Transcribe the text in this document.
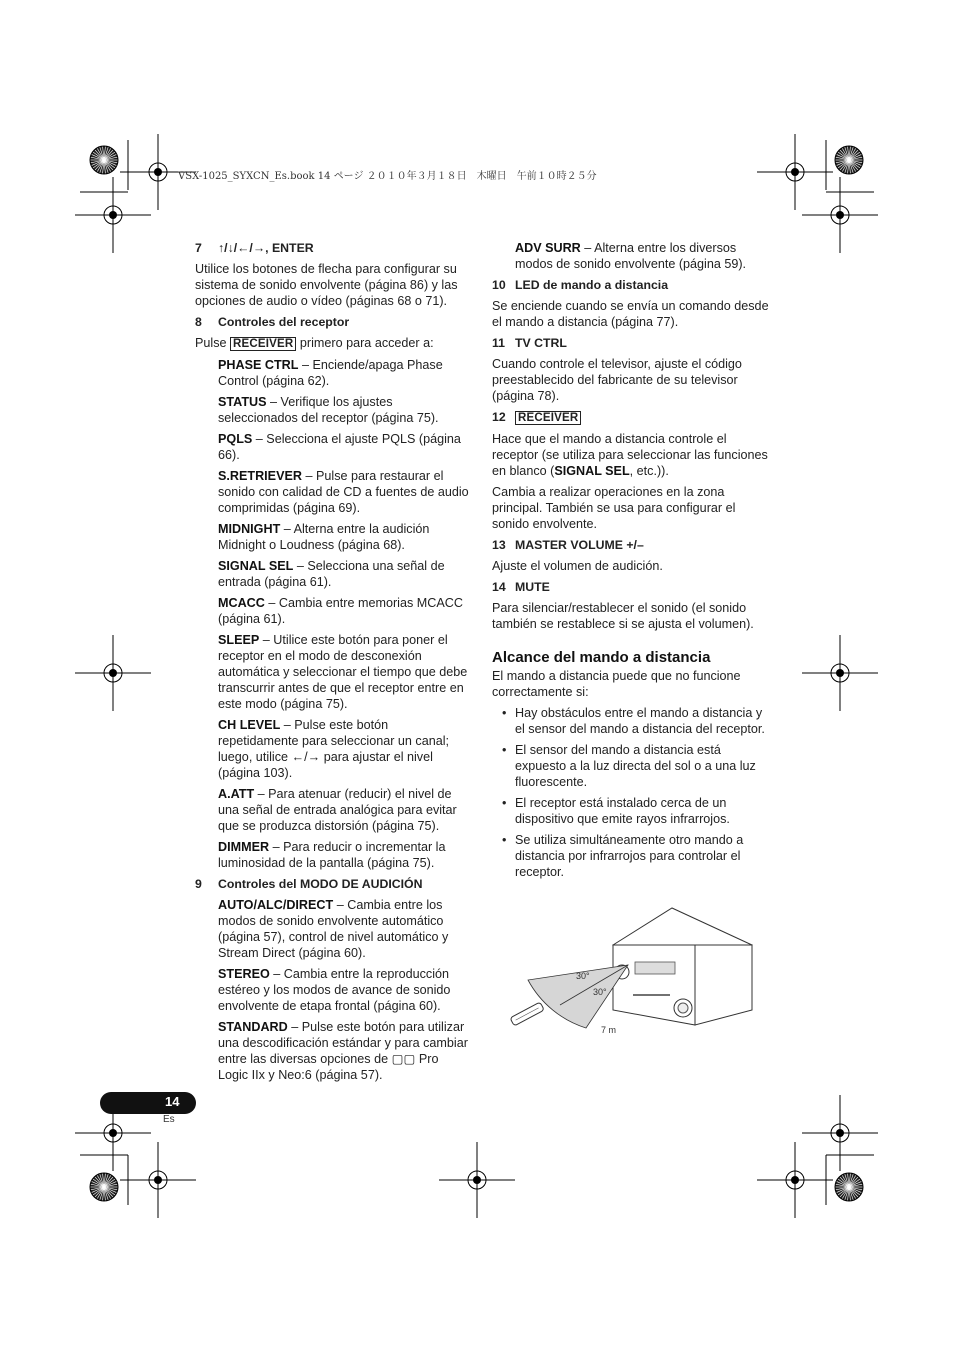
VSX-1025_SYXCN_Es.book 14 ページ ２０１０年３月１８日　木曜日　午前１０時２５分

7 ↑/↓/←/→, ENTER

Utilice los botones de flecha para configurar su sistema de sonido envolvente (página 86) y las opciones de audio o vídeo (páginas 68 o 71).

8 Controles del receptor

Pulse RECEIVER primero para acceder a:

PHASE CTRL – Enciende/apaga Phase Control (página 62).

STATUS – Verifique los ajustes seleccionados del receptor (página 75).

PQLS – Selecciona el ajuste PQLS (página 66).

S.RETRIEVER – Pulse para restaurar el sonido con calidad de CD a fuentes de audio comprimidas (página 69).

MIDNIGHT – Alterna entre la audición Midnight o Loudness (página 68).

SIGNAL SEL – Selecciona una señal de entrada (página 61).

MCACC – Cambia entre memorias MCACC (página 61).

SLEEP – Utilice este botón para poner el receptor en el modo de desconexión automática y seleccionar el tiempo que debe transcurrir antes de que el receptor entre en este modo (página 75).

CH LEVEL – Pulse este botón repetidamente para seleccionar un canal; luego, utilice ←/→ para ajustar el nivel (página 103).

A.ATT – Para atenuar (reducir) el nivel de una señal de entrada analógica para evitar que se produzca distorsión (página 75).

DIMMER – Para reducir o incrementar la luminosidad de la pantalla (página 75).

9 Controles del MODO DE AUDICIÓN

AUTO/ALC/DIRECT – Cambia entre los modos de sonido envolvente automático (página 57), control de nivel automático y Stream Direct (página 60).

STEREO – Cambia entre la reproducción estéreo y los modos de avance de sonido envolvente de etapa frontal (página 60).

STANDARD – Pulse este botón para utilizar una descodificación estándar y para cambiar entre las diversas opciones de ▢▢ Pro Logic IIx y Neo:6 (página 57).

ADV SURR – Alterna entre los diversos modos de sonido envolvente (página 59).

10 LED de mando a distancia

Se enciende cuando se envía un comando desde el mando a distancia (página 77).

11 TV CTRL

Cuando controle el televisor, ajuste el código preestablecido del fabricante de su televisor (página 78).

12 RECEIVER

Hace que el mando a distancia controle el receptor (se utiliza para seleccionar las funciones en blanco (SIGNAL SEL, etc.)).

Cambia a realizar operaciones en la zona principal. También se usa para configurar el sonido envolvente.

13 MASTER VOLUME +/–

Ajuste el volumen de audición.

14 MUTE

Para silenciar/restablecer el sonido (el sonido también se restablece si se ajusta el volumen).

Alcance del mando a distancia

El mando a distancia puede que no funcione correctamente si:

• Hay obstáculos entre el mando a distancia y el sensor del mando a distancia del receptor.
• El sensor del mando a distancia está expuesto a la luz directa del sol o a una luz fluorescente.
• El receptor está instalado cerca de un dispositivo que emite rayos infrarrojos.
• Se utiliza simultáneamente otro mando a distancia por infrarrojos para controlar el receptor.
30°
30°
7 m
14
Es
